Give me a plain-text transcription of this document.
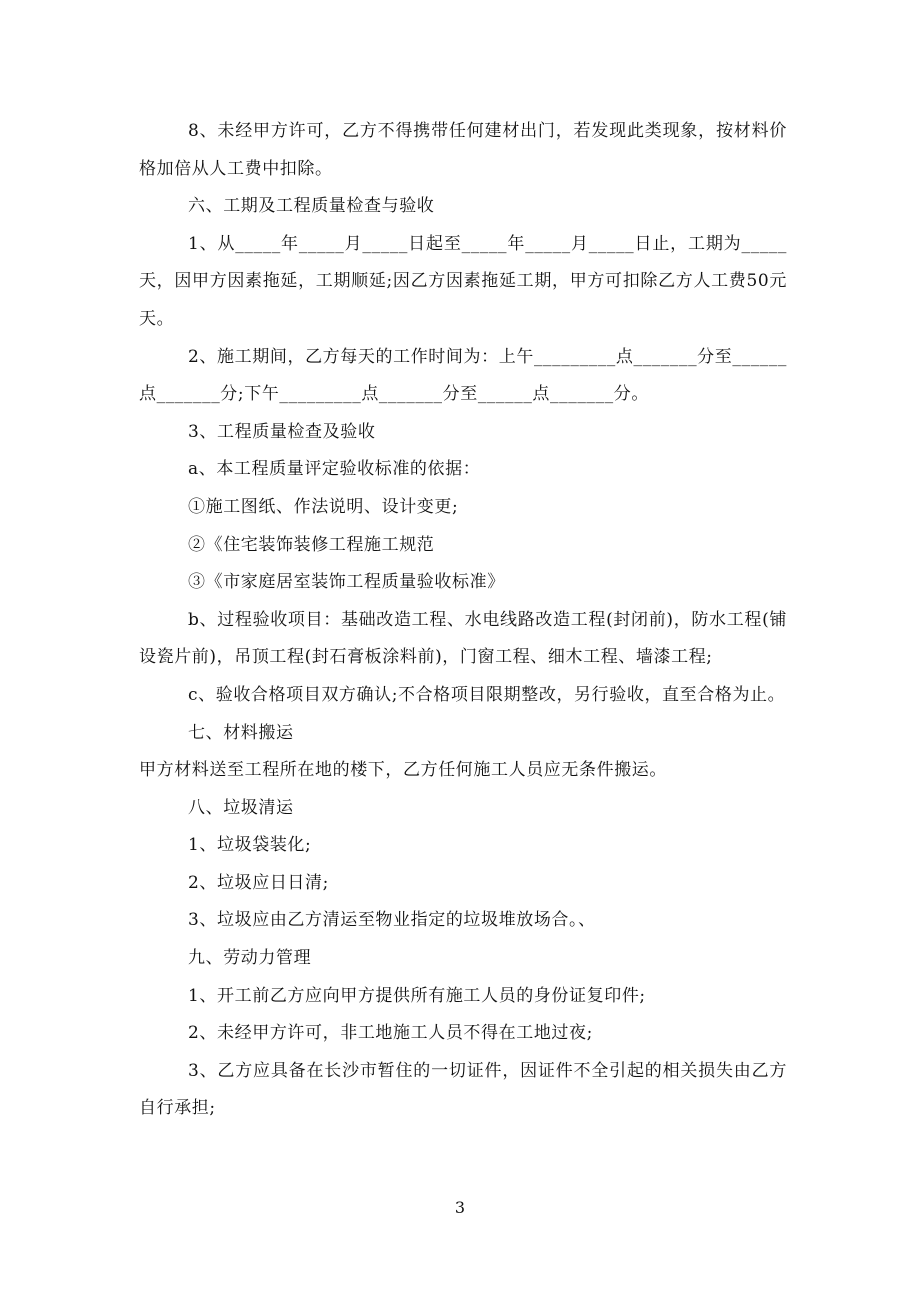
8、未经甲方许可，乙方不得携带任何建材出门，若发现此类现象，按材料价格加倍从人工费中扣除。

六、工期及工程质量检查与验收

1、从_____年_____月_____日起至_____年_____月_____日止，工期为_____天，因甲方因素拖延，工期顺延;因乙方因素拖延工期，甲方可扣除乙方人工费50元天。

2、施工期间，乙方每天的工作时间为：上午_________点_______分至______点_______分;下午_________点_______分至______点_______分。

3、工程质量检查及验收

a、本工程质量评定验收标准的依据：

①施工图纸、作法说明、设计变更;

②《住宅装饰装修工程施工规范

③《市家庭居室装饰工程质量验收标准》

b、过程验收项目：基础改造工程、水电线路改造工程(封闭前)，防水工程(铺设瓷片前)，吊顶工程(封石膏板涂料前)，门窗工程、细木工程、墙漆工程;

c、验收合格项目双方确认;不合格项目限期整改，另行验收，直至合格为止。

七、材料搬运

甲方材料送至工程所在地的楼下，乙方任何施工人员应无条件搬运。

八、垃圾清运

1、垃圾袋装化;

2、垃圾应日日清;

3、垃圾应由乙方清运至物业指定的垃圾堆放场合。、

九、劳动力管理

1、开工前乙方应向甲方提供所有施工人员的身份证复印件;

2、未经甲方许可，非工地施工人员不得在工地过夜;

3、乙方应具备在长沙市暂住的一切证件，因证件不全引起的相关损失由乙方自行承担;

3
